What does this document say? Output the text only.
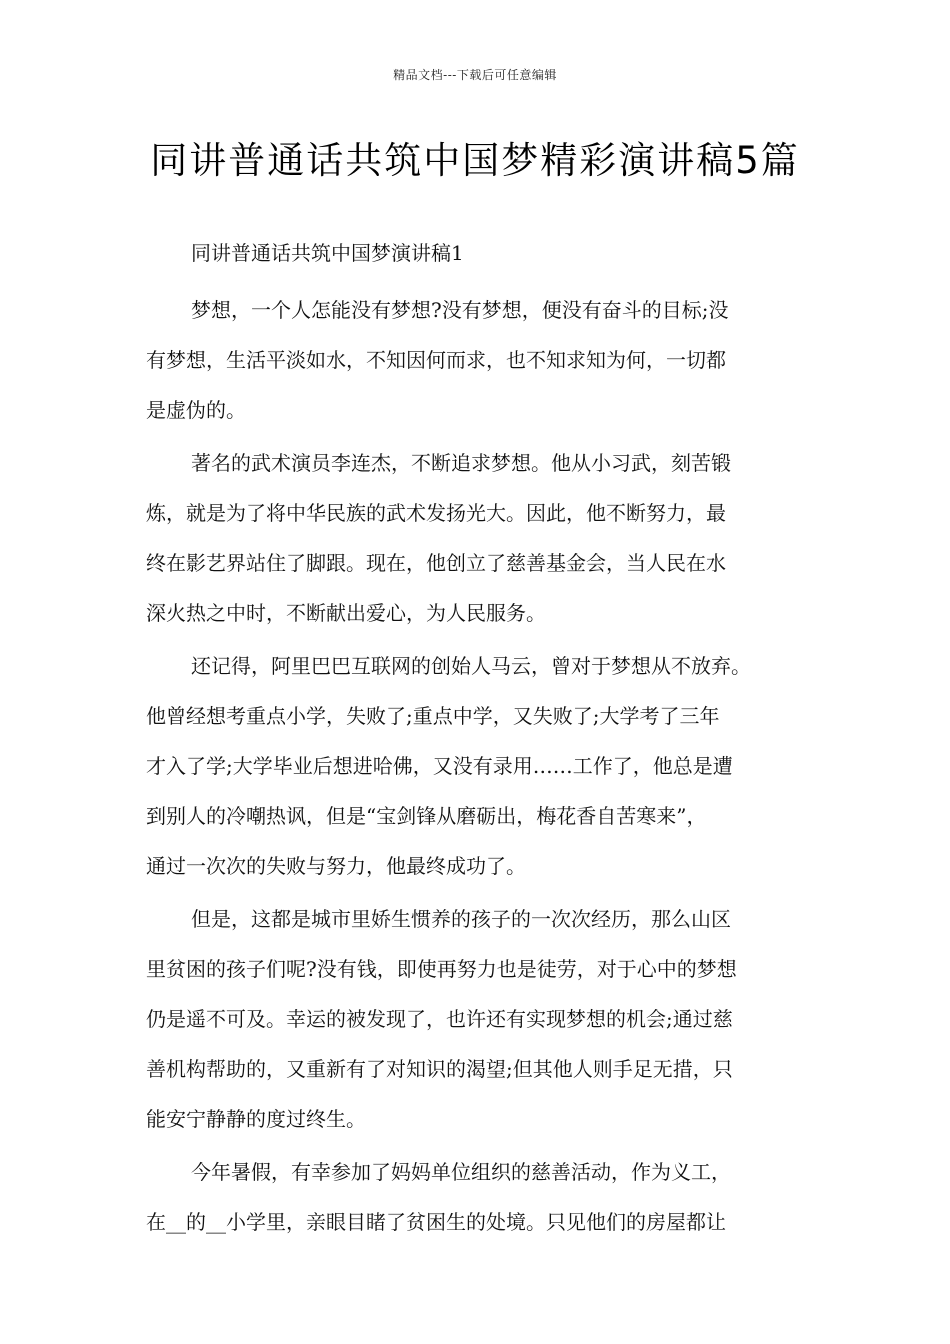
精品文档---下载后可任意编辑
同讲普通话共筑中国梦精彩演讲稿5篇

同讲普通话共筑中国梦演讲稿1

梦想，一个人怎能没有梦想?没有梦想，便没有奋斗的目标;没
有梦想，生活平淡如水，不知因何而求，也不知求知为何，一切都
是虚伪的。

著名的武术演员李连杰，不断追求梦想。他从小习武，刻苦锻
炼，就是为了将中华民族的武术发扬光大。因此，他不断努力，最
终在影艺界站住了脚跟。现在，他创立了慈善基金会，当人民在水
深火热之中时，不断献出爱心，为人民服务。

还记得，阿里巴巴互联网的创始人马云，曾对于梦想从不放弃。
他曾经想考重点小学，失败了;重点中学，又失败了;大学考了三年
才入了学;大学毕业后想进哈佛，又没有录用……工作了，他总是遭
到别人的冷嘲热讽，但是“宝剑锋从磨砺出，梅花香自苦寒来”，
通过一次次的失败与努力，他最终成功了。

但是，这都是城市里娇生惯养的孩子的一次次经历，那么山区
里贫困的孩子们呢?没有钱，即使再努力也是徒劳，对于心中的梦想
仍是遥不可及。幸运的被发现了，也许还有实现梦想的机会;通过慈
善机构帮助的，又重新有了对知识的渴望;但其他人则手足无措，只
能安宁静静的度过终生。

今年暑假，有幸参加了妈妈单位组织的慈善活动，作为义工，
在__的__小学里，亲眼目睹了贫困生的处境。只见他们的房屋都让
